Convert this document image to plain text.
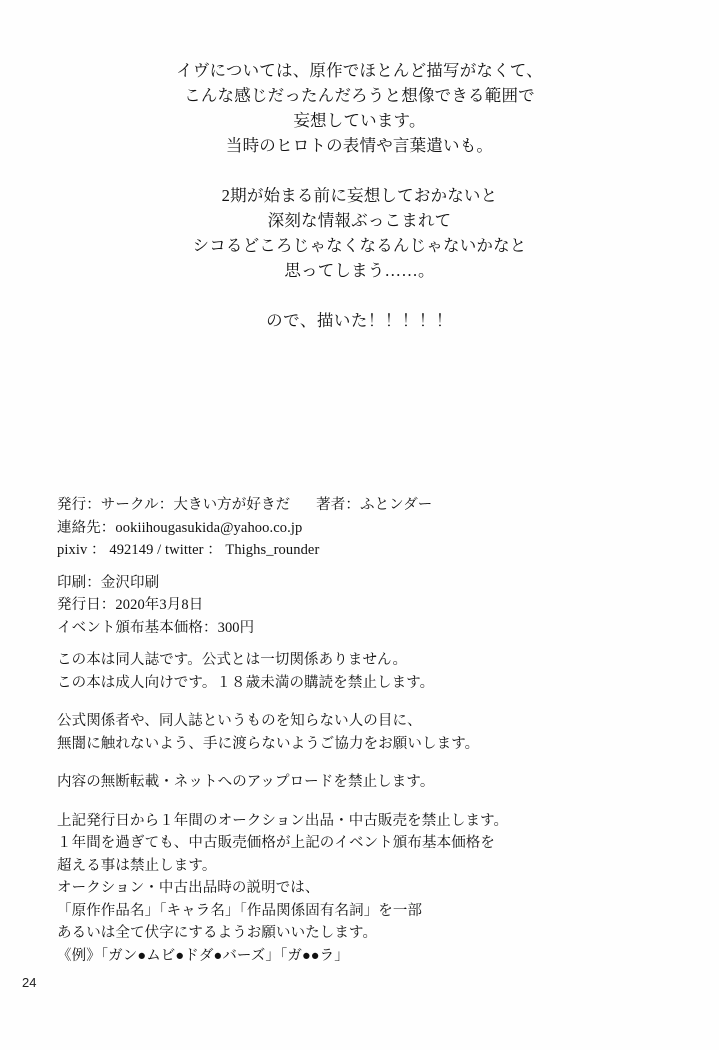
イヴについては、原作でほとんど描写がなくて、
こんな感じだったんだろうと想像できる範囲で
妄想しています。
当時のヒロトの表情や言葉遣いも。
2期が始まる前に妄想しておかないと
深刻な情報ぶっこまれて
シコるどころじゃなくなるんじゃないかなと
思ってしまう……。
ので、描いた！！！！！
発行：サークル：大きい方が好きだ 著者：ふとンダー
連絡先：ookiihougasukida@yahoo.co.jp
pixiv ： 492149 / twitter ： Thighs_rounder
印刷：金沢印刷
発行日：2020年3月8日
イベント頒布基本価格：300円
この本は同人誌です。公式とは一切関係ありません。
この本は成人向けです。１８歳未満の購読を禁止します。
公式関係者や、同人誌というものを知らない人の目に、
無闇に触れないよう、手に渡らないようご協力をお願いします。
内容の無断転載・ネットへのアップロードを禁止します。
上記発行日から１年間のオークション出品・中古販売を禁止します。
１年間を過ぎても、中古販売価格が上記のイベント頒布基本価格を
超える事は禁止します。
オークション・中古出品時の説明では、
「原作作品名」「キャラ名」「作品関係固有名詞」を一部
あるいは全て伏字にするようお願いいたします。
《例》「ガン●ムビ●ドダ●バーズ」「ガ●●ラ」
24
